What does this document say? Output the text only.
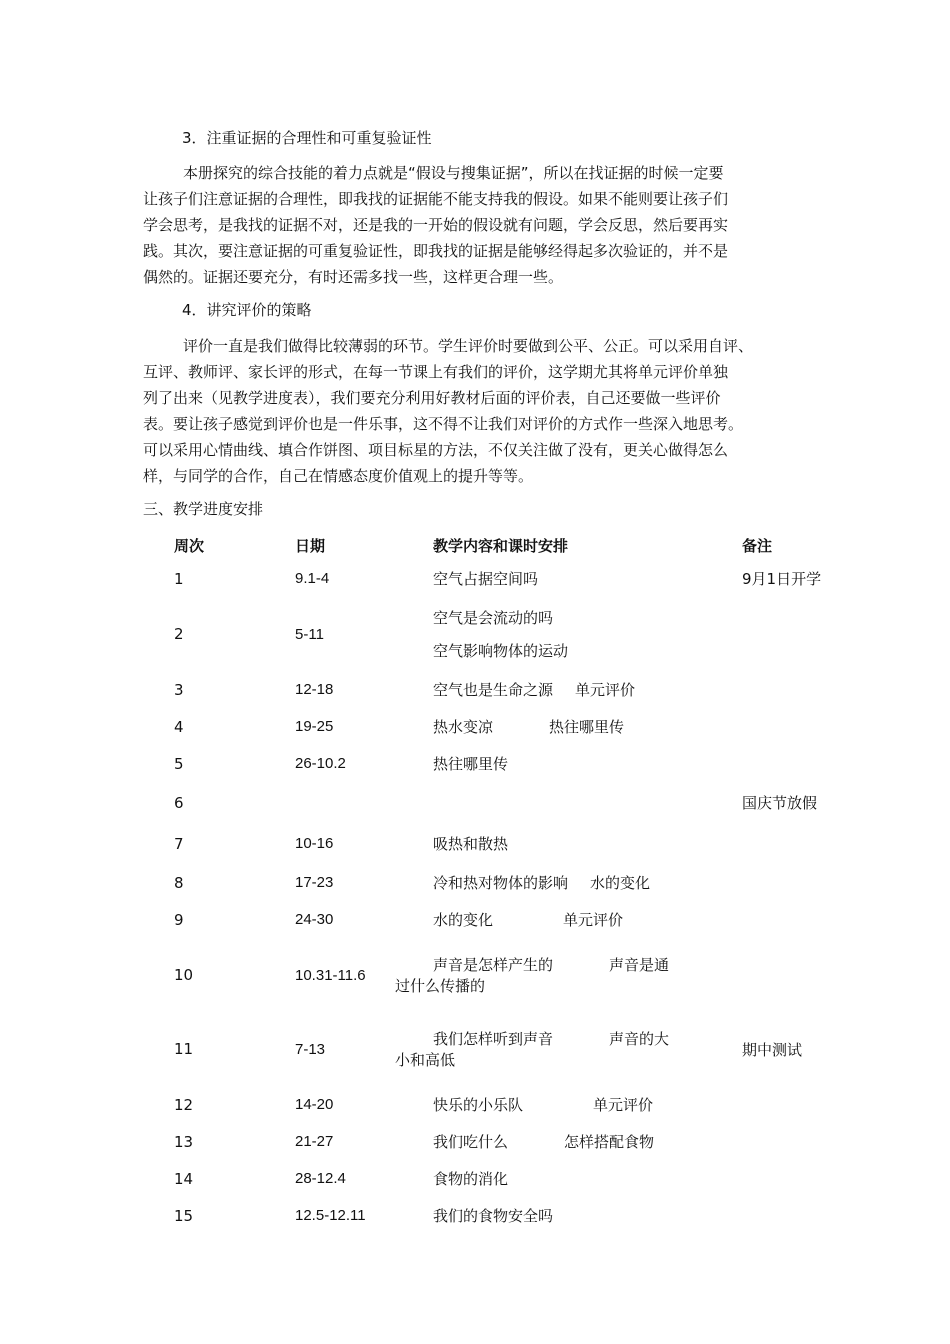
3．注重证据的合理性和可重复验证性
本册探究的综合技能的着力点就是“假设与搜集证据”，所以在找证据的时候一定要
让孩子们注意证据的合理性，即我找的证据能不能支持我的假设。如果不能则要让孩子们
学会思考，是我找的证据不对，还是我的一开始的假设就有问题，学会反思，然后要再实
践。其次，要注意证据的可重复验证性，即我找的证据是能够经得起多次验证的，并不是
偶然的。证据还要充分，有时还需多找一些，这样更合理一些。
4．讲究评价的策略
评价一直是我们做得比较薄弱的环节。学生评价时要做到公平、公正。可以采用自评、
互评、教师评、家长评的形式，在每一节课上有我们的评价，这学期尤其将单元评价单独
列了出来（见教学进度表），我们要充分利用好教材后面的评价表，自己还要做一些评价
表。要让孩子感觉到评价也是一件乐事，这不得不让我们对评价的方式作一些深入地思考。
可以采用心情曲线、填合作饼图、项目标星的方法，不仅关注做了没有，更关心做得怎么
样，与同学的合作，自己在情感态度价值观上的提升等等。
三、教学进度安排
周次	日期	教学内容和课时安排	备注
1	9.1-4	空气占据空间吗	9月1日开学
2	5-11	空气是会流动的吗
空气影响物体的运动	

3	12-18	空气也是生命之源 单元评价	
4	19-25	热水变凉 热往哪里传	
5	26-10.2	热往哪里传	
6			国庆节放假
7	10-16	吸热和散热	
8	17-23	冷和热对物体的影响 水的变化	
9	24-30	水的变化 单元评价	
10	10.31-11.6	声音是怎样产生的 声音是通
过什么传播的	

11	7-13	我们怎样听到声音 声音的大
小和高低	期中测试
12	14-20	快乐的小乐队 单元评价	
13	21-27	我们吃什么 怎样搭配食物	
14	28-12.4	食物的消化	
15	12.5-12.11	我们的食物安全吗	
